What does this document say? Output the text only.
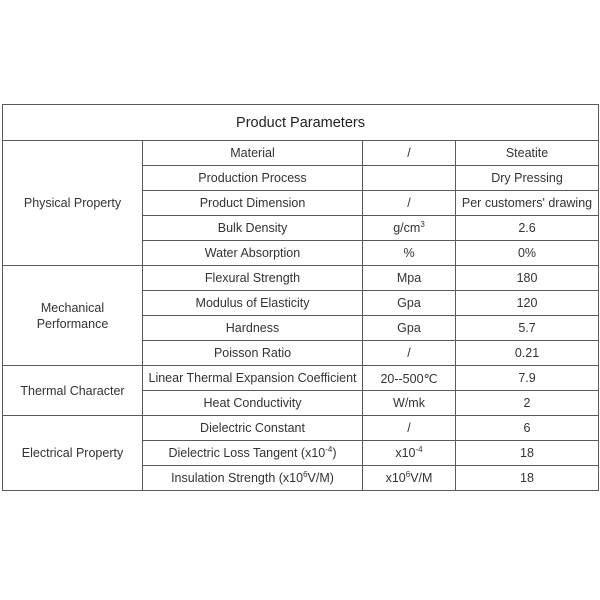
Product Parameters			
Physical Property	Material	/	Steatite
	Production Process		Dry Pressing
	Product Dimension	/	Per customers' drawing
	Bulk Density	$g/cm^3$	2.6
	Water Absorption	%	0%
Mechanical Performance	Flexural Strength	Mpa	180
	Modulus of Elasticity	Gpa	120
	Hardness	Gpa	5.7
	Poisson Ratio	/	0.21
Thermal Character	Linear Thermal Expansion Coefficient	20--500℃	7.9
	Heat Conductivity	W/mk	2
Electrical Property	Dielectric Constant	/	6
	Dielectric Loss Tangent $(x10^{-4})$	$x10^{-4}$	18
	Insulation Strength $(x10^6V/M)$	$x10^6V/M$	18
